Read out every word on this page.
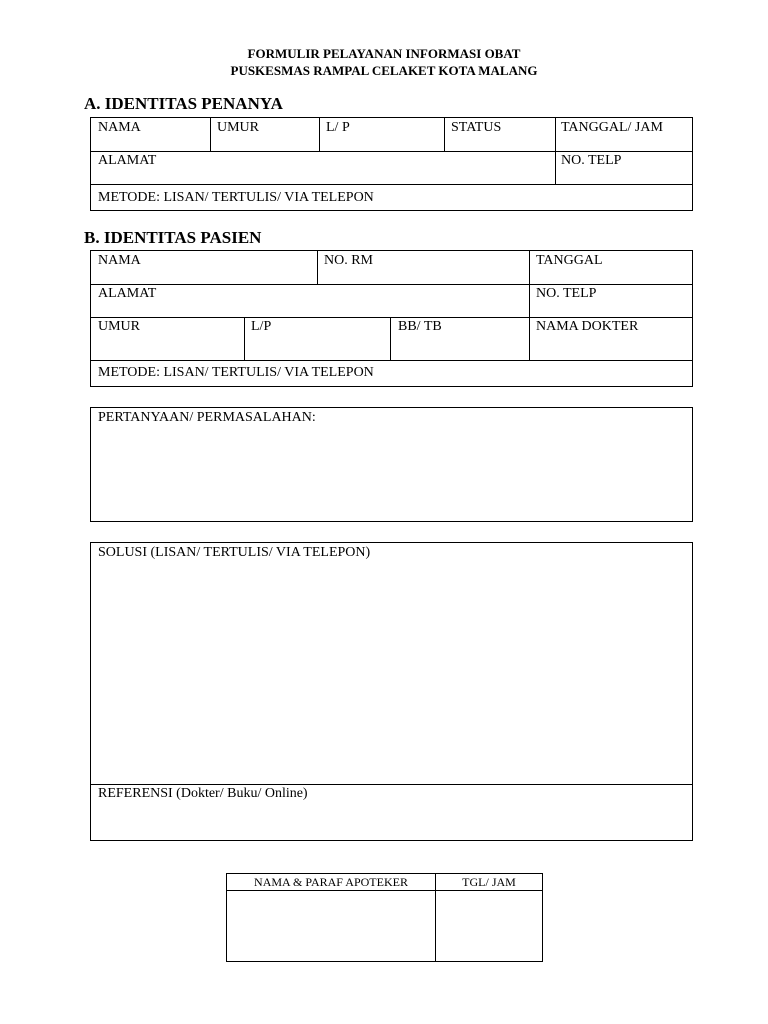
FORMULIR PELAYANAN INFORMASI OBAT
PUSKESMAS RAMPAL CELAKET KOTA MALANG
A. IDENTITAS PENANYA
NAMA	UMUR	L/ P	STATUS	TANGGAL/ JAM
ALAMAT	NO. TELP
METODE: LISAN/ TERTULIS/ VIA TELEPON
B. IDENTITAS PASIEN
NAMA	NO. RM	TANGGAL
ALAMAT	NO. TELP
UMUR	L/P	BB/ TB	NAMA DOKTER
METODE: LISAN/ TERTULIS/ VIA TELEPON
PERTANYAAN/ PERMASALAHAN:
SOLUSI (LISAN/ TERTULIS/ VIA TELEPON)
REFERENSI (Dokter/ Buku/ Online)
NAMA & PARAF APOTEKER	TGL/ JAM
